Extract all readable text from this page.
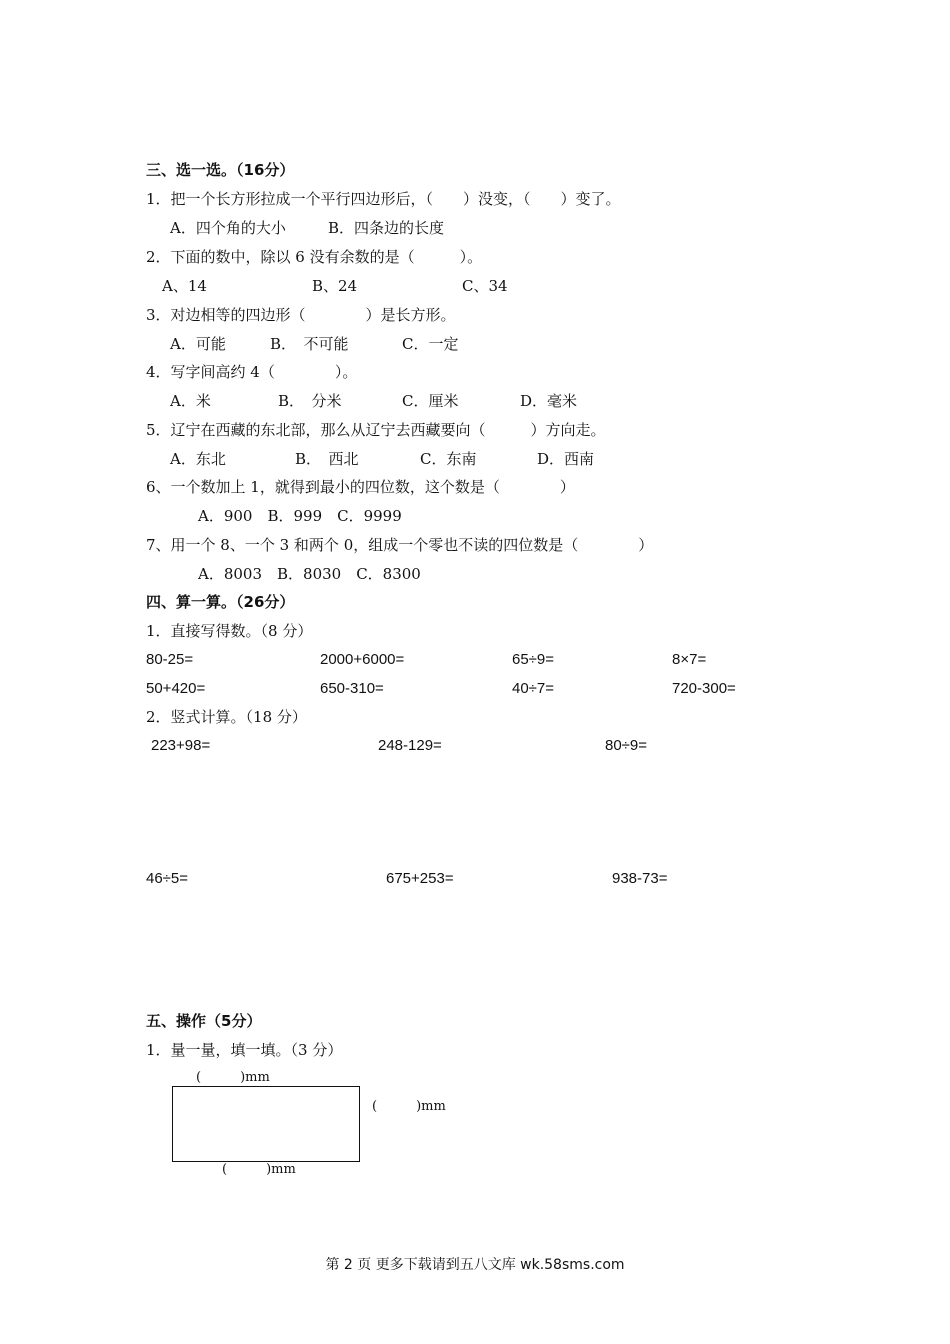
三、选一选。（16分）
1．把一个长方形拉成一个平行四边形后，（　　）没变，（　　）变了。
A．四个角的大小	B．四条边的长度
2．下面的数中，除以 6 没有余数的是（　　　）。
A、14	B、24	C、34
3．对边相等的四边形（　　　　）是长方形。
A．可能	B．　不可能	C．一定
4．写字间高约 4（　　　　）。
A．米	B．　分米	C．厘米	D．毫米
5．辽宁在西藏的东北部，那么从辽宁去西藏要向（　　　）方向走。
A．东北	B．　西北	C．东南	D．西南
6、一个数加上 1，就得到最小的四位数，这个数是（　　　　）
A．900　B．999　C．9999
7、用一个 8、一个 3 和两个 0，组成一个零也不读的四位数是（　　　　）
A．8003　B．8030　C．8300
四、算一算。（26分）
1．直接写得数。（8 分）
80-25=	2000+6000=	65÷9=	8×7=
50+420=	650-310=	40÷7=	720-300=
2．竖式计算。（18 分）
223+98=	248-129=	80÷9=
46÷5=	675+253=	938-73=
五、操作（5分）
1．量一量，填一填。（3 分）
(　　　)mm
(　　　)mm
(　　　)mm
第 2 页 更多下载请到五八文库 wk.58sms.com
